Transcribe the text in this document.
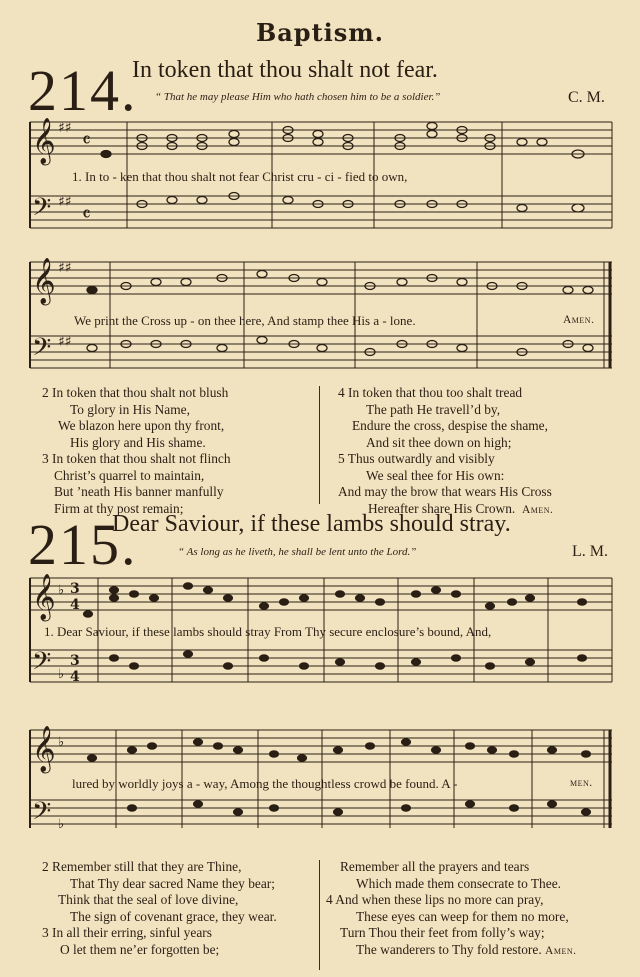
Baptism.
214.
In token that thou shalt not fear.
“ That he may please Him who hath chosen him to be a soldier.”	C. M.
𝄞
𝄢
𝄞
𝄢
♯♯
♯♯
♯♯
♯♯
𝄴
𝄴
1. In to - ken that thou shalt not fear Christ cru - ci - fied to own,
We print the Cross up - on thee here, And stamp thee His a - lone.	Amen.
2 In token that thou shalt not blush
To glory in His Name,
We blazon here upon thy front,
His glory and His shame.
3 In token that thou shalt not flinch
Christ’s quarrel to maintain,
But ’neath His banner manfully
Firm at thy post remain;
4 In token that thou too shalt tread
The path He travell’d by,
Endure the cross, despise the shame,
And sit thee down on high;
5 Thus outwardly and visibly
We seal thee for His own:
And may the brow that wears His Cross
Hereafter share His Crown. Amen.
215.
Dear Saviour, if these lambs should stray.
“ As long as he liveth, he shall be lent unto the Lord.”	L. M.
𝄞
𝄢
𝄞
𝄢
♭
♭
♭
♭
3
4
3
4
1. Dear Saviour, if these lambs should stray From Thy secure enclosure’s bound, And,
lured by worldly joys a - way, Among the thoughtless crowd be found. A -	men.
2 Remember still that they are Thine,
That Thy dear sacred Name they bear;
Think that the seal of love divine,
The sign of covenant grace, they wear.
3 In all their erring, sinful years
O let them ne’er forgotten be;
Remember all the prayers and tears
Which made them consecrate to Thee.
4 And when these lips no more can pray,
These eyes can weep for them no more,
Turn Thou their feet from folly’s way;
The wanderers to Thy fold restore. Amen.
